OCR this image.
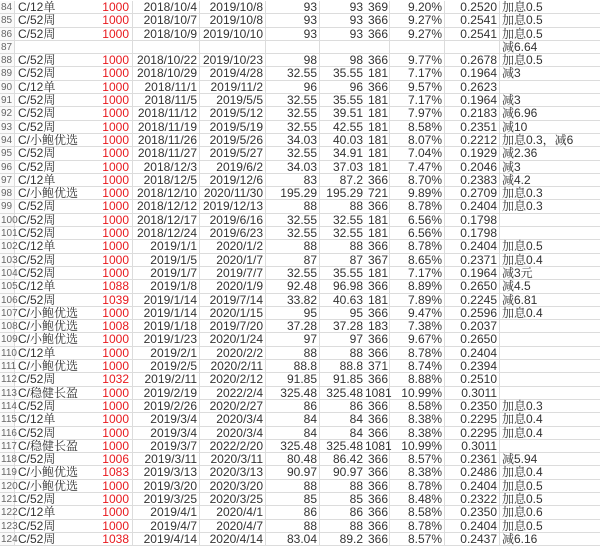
84 C/12单	1000	2018/10/4	2019/10/8	93	93 369	9.20%	0.2520 加息0.5
85 C/52周	1000	2018/10/7	2019/10/8	93	93 366	9.27%	0.2541 加息0.5
86 C/52周	1000	2018/10/9 2019/10/10	93	93 366	9.27%	0.2541 加息0.5
87	减6.64
88 C/52周	1000 2018/10/22 2019/10/23	98	98 366	9.77%	0.2678 加息0.5
89 C/52周	1000 2018/10/29	2019/4/28	32.55	35.55 181	7.17%	0.1964 减3
90 C/12单	1000	2018/11/1	2019/11/2	96	96 366	9.57%	0.2623
91 C/52周	1000	2018/11/5	2019/5/5	32.55	35.55 181	7.17%	0.1964 减3
92 C/52周	1000 2018/11/12	2019/5/12	32.55	39.51 181	7.97%	0.2183 减6.96
93 C/52周	1000 2018/11/19	2019/5/19	32.55	42.55 181	8.58%	0.2351 减10
94 C/小鲍优选	1000 2018/11/26	2019/5/26	34.03	40.03 181	8.07%	0.2212 加息0.3，减6
95 C/52周	1000 2018/11/27	2019/5/27	32.55	34.91 181	7.04%	0.1929 减2.36
96 C/52周	1000	2018/12/3	2019/6/2	34.03	37.03 181	7.47%	0.2046 减3
97 C/12单	1000	2018/12/5	2019/12/6	83	87.2 366	8.70%	0.2383 减4.2
98 C/小鲍优选	1000 2018/12/10 2020/11/30	195.29 195.29 721	9.89%	0.2709 加息0.3
99 C/52周	1000 2018/12/12 2019/12/13	88	88 366	8.78%	0.2404 加息0.3
100 C/52周	1000 2018/12/17	2019/6/16	32.55	32.55 181	6.56%	0.1798
101 C/52周	1000 2018/12/24	2019/6/23	32.55	32.55 181	6.56%	0.1798
102 C/12单	1000	2019/1/1	2020/1/2	88	88 366	8.78%	0.2404 加息0.5
103 C/52周	1000	2019/1/5	2020/1/7	87	87 367	8.65%	0.2371 加息0.4
104 C/52周	1000	2019/1/7	2019/7/7	32.55	35.55 181	7.17%	0.1964 减3元
105 C/12单	1088	2019/1/8	2020/1/9	92.48	96.98 366	8.89%	0.2650 减4.5
106 C/52周	1039	2019/1/14	2019/7/14	33.82	40.63 181	7.89%	0.2245 减6.81
107 C/小鲍优选	1000	2019/1/14	2020/1/15	95	95 366	9.47%	0.2596 加息0.4
108 C/小鲍优选	1008	2019/1/18	2019/7/20	37.28	37.28 183	7.38%	0.2037
109 C/小鲍优选	1000	2019/1/23	2020/1/24	97	97 366	9.67%	0.2650
110 C/12单	1000	2019/2/1	2020/2/2	88	88 366	8.78%	0.2404
111 C/小鲍优选	1000	2019/2/5	2020/2/11	88.8	88.8 371	8.74%	0.2394
112 C/52周	1032	2019/2/11	2020/2/12	91.85	91.85 366	8.88%	0.2510
113 C/稳健长盈	1000	2019/2/19	2022/2/4	325.48 325.48 1081 10.99%	0.3011
114 C/52周	1000	2019/2/26	2020/2/27	86	86 366	8.58%	0.2350 加息0.3
115 C/12单	1000	2019/3/4	2020/3/4	84	84 366	8.38%	0.2295 加息0.4
116 C/52周	1000	2019/3/4	2020/3/4	84	84 366	8.38%	0.2295 加息0.4
117 C/稳健长盈	1000	2019/3/7	2022/2/20	325.48 325.48 1081 10.99%	0.3011
118 C/52周	1006	2019/3/11	2020/3/11	80.48	86.42 366	8.57%	0.2361 减5.94
119 C/小鲍优选	1083	2019/3/13	2020/3/13	90.97	90.97 366	8.38%	0.2486 加息0.4
120 C/小鲍优选	1000	2019/3/20	2020/3/20	88	88 366	8.78%	0.2404 加息0.5
121 C/52周	1000	2019/3/25	2020/3/25	85	85 366	8.48%	0.2322 加息0.5
122 C/12单	1000	2019/4/1	2020/4/1	86	86 366	8.58%	0.2350 加息0.6
123 C/52周	1000	2019/4/7	2020/4/7	88	88 366	8.78%	0.2404 加息0.5
124 C/52周	1038	2019/4/14	2020/4/14	83.04	89.2 366	8.57%	0.2437 减6.16
